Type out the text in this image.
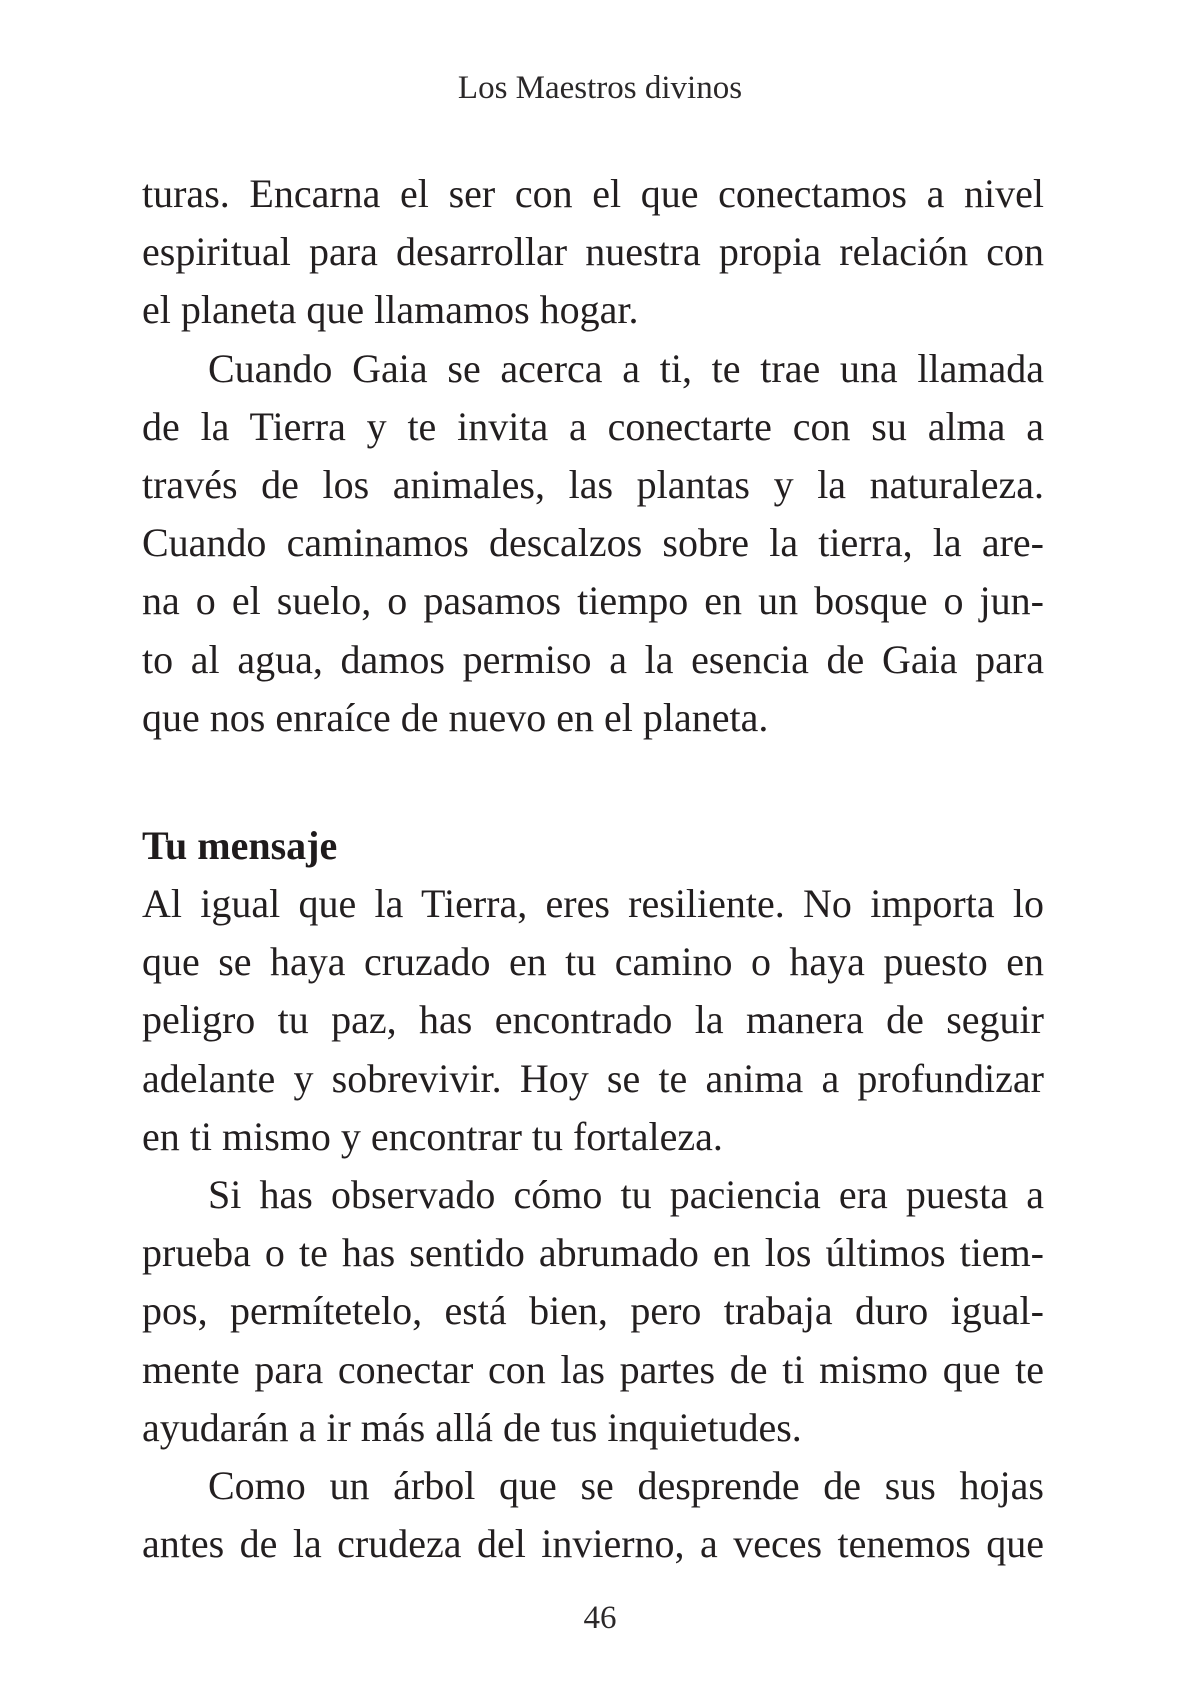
Los Maestros divinos
turas. Encarna el ser con el que conectamos a nivel
espiritual para desarrollar nuestra propia relación con
el planeta que llamamos hogar.
Cuando Gaia se acerca a ti, te trae una llamada
de la Tierra y te invita a conectarte con su alma a
través de los animales, las plantas y la naturaleza.
Cuando caminamos descalzos sobre la tierra, la are-
na o el suelo, o pasamos tiempo en un bosque o jun-
to al agua, damos permiso a la esencia de Gaia para
que nos enraíce de nuevo en el planeta.
Tu mensaje
Al igual que la Tierra, eres resiliente. No importa lo
que se haya cruzado en tu camino o haya puesto en
peligro tu paz, has encontrado la manera de seguir
adelante y sobrevivir. Hoy se te anima a profundizar
en ti mismo y encontrar tu fortaleza.
Si has observado cómo tu paciencia era puesta a
prueba o te has sentido abrumado en los últimos tiem-
pos, permítetelo, está bien, pero trabaja duro igual-
mente para conectar con las partes de ti mismo que te
ayudarán a ir más allá de tus inquietudes.
Como un árbol que se desprende de sus hojas
antes de la crudeza del invierno, a veces tenemos que
46
